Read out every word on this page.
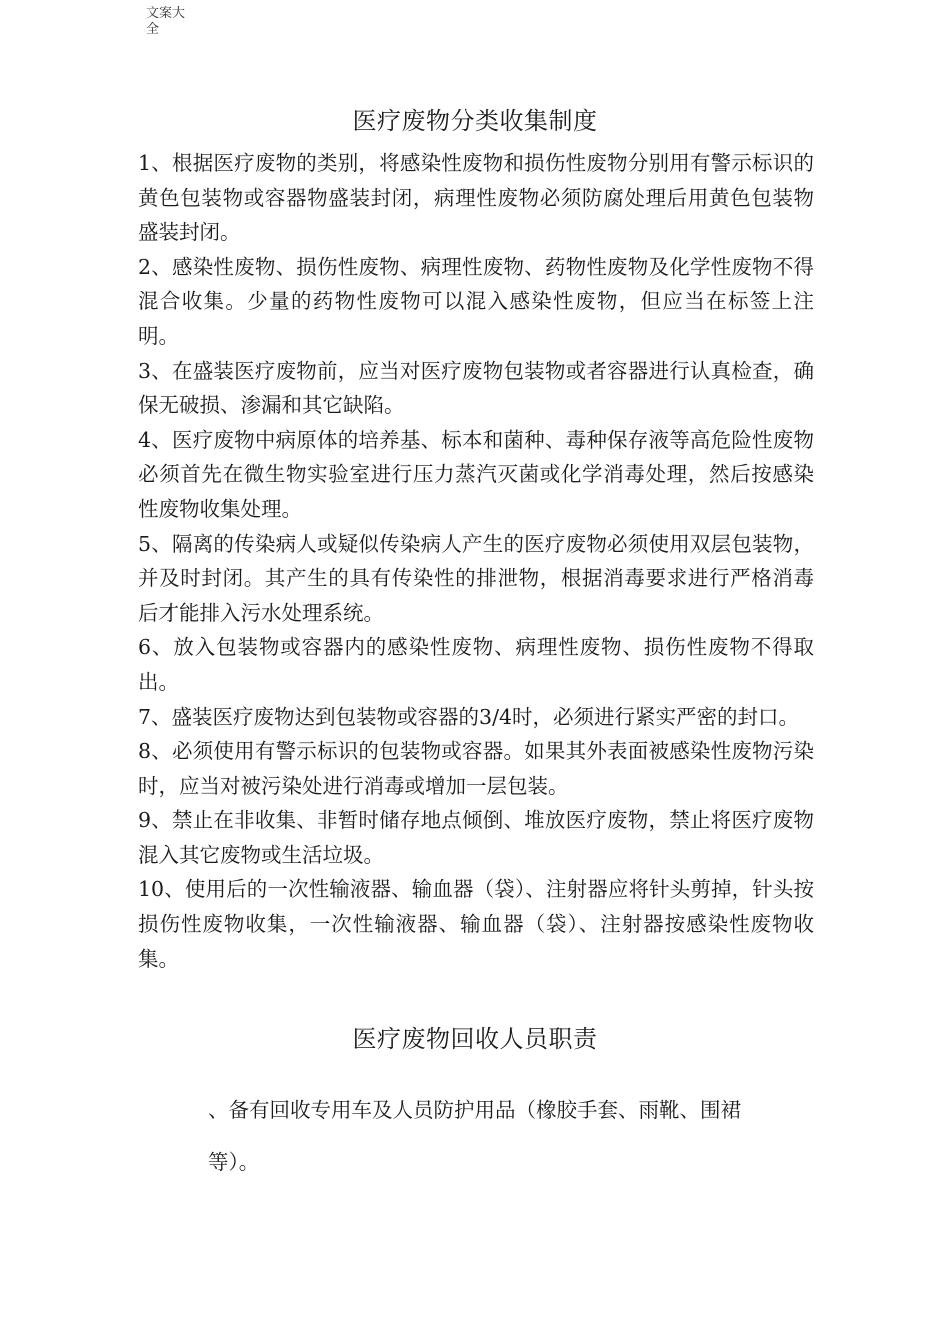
文案大
全
医疗废物分类收集制度
1、根据医疗废物的类别，将感染性废物和损伤性废物分别用有警示标识的黄色包装物或容器物盛装封闭，病理性废物必须防腐处理后用黄色包装物盛装封闭。
2、感染性废物、损伤性废物、病理性废物、药物性废物及化学性废物不得混合收集。少量的药物性废物可以混入感染性废物，但应当在标签上注明。
3、在盛装医疗废物前，应当对医疗废物包装物或者容器进行认真检查，确保无破损、渗漏和其它缺陷。
4、医疗废物中病原体的培养基、标本和菌种、毒种保存液等高危险性废物必须首先在微生物实验室进行压力蒸汽灭菌或化学消毒处理，然后按感染性废物收集处理。
5、隔离的传染病人或疑似传染病人产生的医疗废物必须使用双层包装物，并及时封闭。其产生的具有传染性的排泄物，根据消毒要求进行严格消毒后才能排入污水处理系统。
6、放入包装物或容器内的感染性废物、病理性废物、损伤性废物不得取出。
7、盛装医疗废物达到包装物或容器的3/4时，必须进行紧实严密的封口。
8、必须使用有警示标识的包装物或容器。如果其外表面被感染性废物污染时，应当对被污染处进行消毒或增加一层包装。
9、禁止在非收集、非暂时储存地点倾倒、堆放医疗废物，禁止将医疗废物混入其它废物或生活垃圾。
10、使用后的一次性输液器、输血器（袋）、注射器应将针头剪掉，针头按损伤性废物收集，一次性输液器、输血器（袋）、注射器按感染性废物收集。
医疗废物回收人员职责

、备有回收专用车及人员防护用品（橡胶手套、雨靴、围裙

等）。
